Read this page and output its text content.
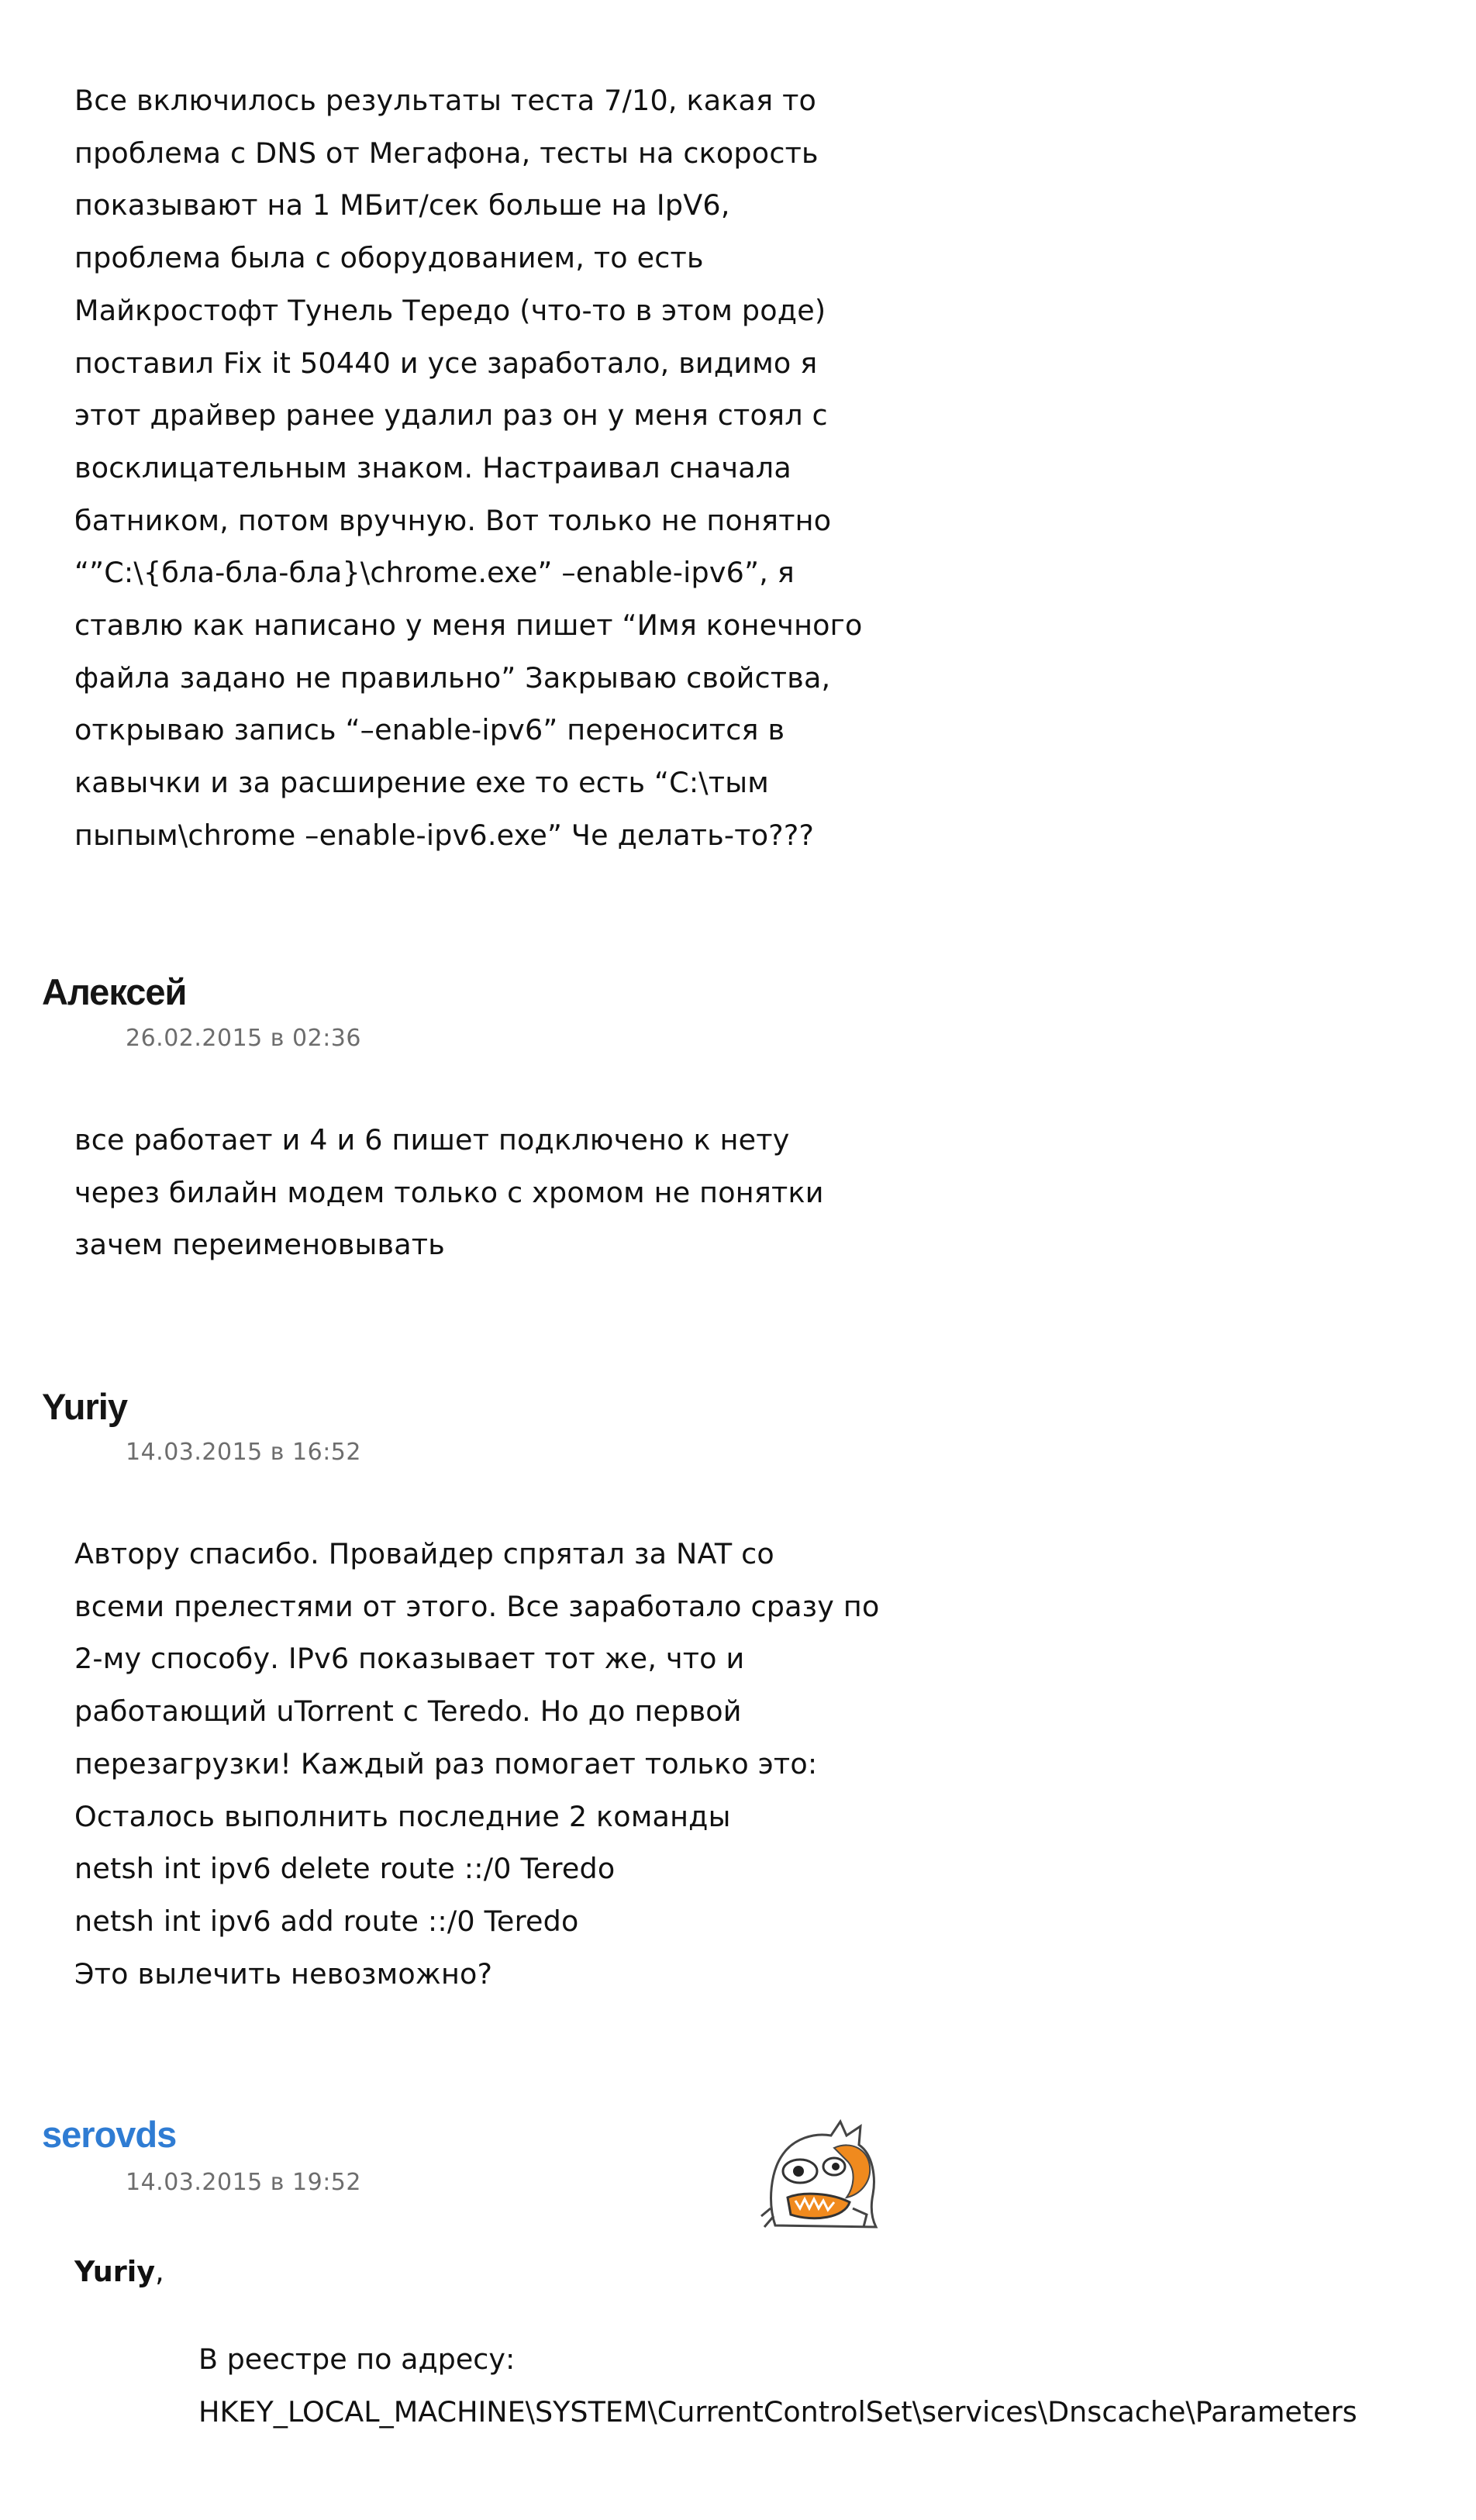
Все включилось результаты теста 7/10, какая то
проблема с DNS от Мегафона, тесты на скорость
показывают на 1 МБит/сек больше на IpV6,
проблема была с оборудованием, то есть
Майкростофт Тунель Тередо (что-то в этом роде)
поставил Fix it 50440 и усе заработало, видимо я
этот драйвер ранее удалил раз он у меня стоял с
восклицательным знаком. Настраивал сначала
батником, потом вручную. Вот только не понятно
“”C:\{бла-бла-бла}\chrome.exe” –enable-ipv6”, я
ставлю как написано у меня пишет “Имя конечного
файла задано не правильно” Закрываю свойства,
открываю запись “–enable-ipv6” переносится в
кавычки и за расширение exe то есть “C:\тым
пыпым\chrome –enable-ipv6.exe” Че делать-то???
Алексей
26.02.2015 в 02:36
все работает и 4 и 6 пишет подключено к нету
через билайн модем только с хромом не понятки
зачем переименовывать
Yuriy
14.03.2015 в 16:52
Автору спасибо. Провайдер спрятал за NAT со
всеми прелестями от этого. Все заработало сразу по
2-му способу. IPv6 показывает тот же, что и
работающий uTorrent с Teredo. Но до первой
перезагрузки! Каждый раз помогает только это:
Осталось выполнить последние 2 команды
netsh int ipv6 delete route ::/0 Teredo
netsh int ipv6 add route ::/0 Teredo
Это вылечить невозможно?
serovds
14.03.2015 в 19:52
Yuriy,
В реестре по адресу:
HKEY_LOCAL_MACHINE\SYSTEM\CurrentControlSet\services\Dnscache\Parameters
